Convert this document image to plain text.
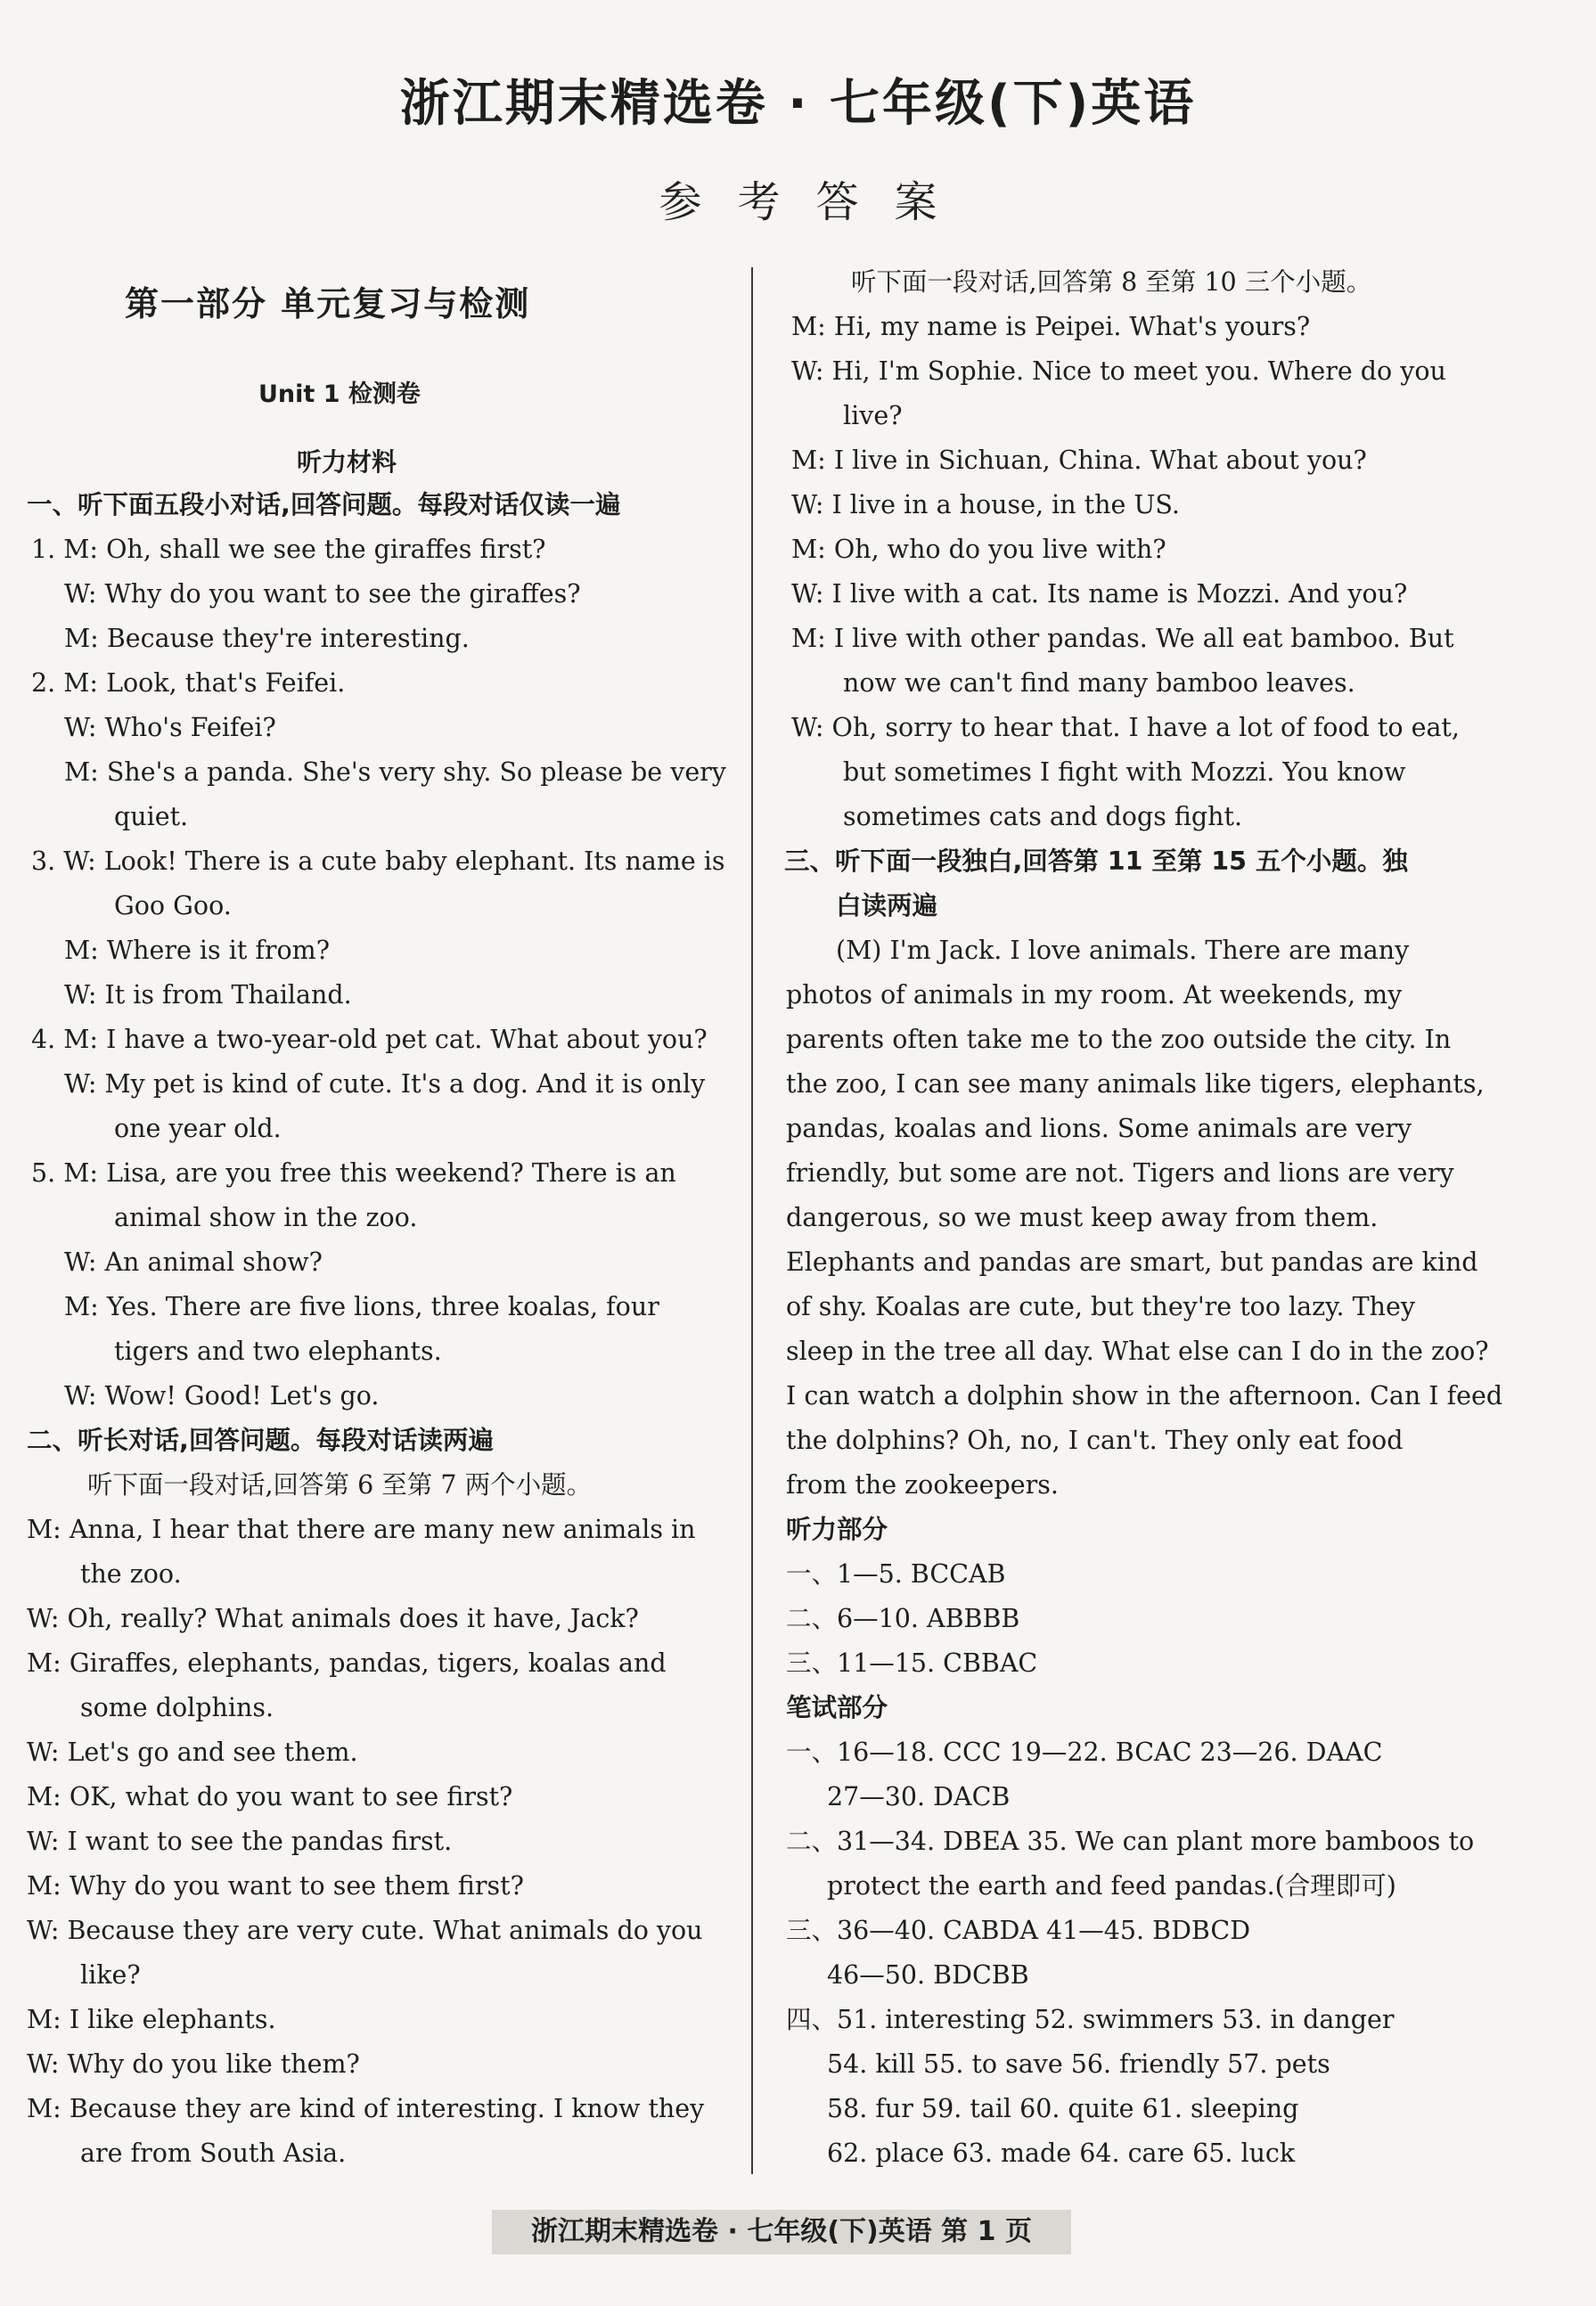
浙江期末精选卷 · 七年级(下)英语
参考答案
第一部分 单元复习与检测
Unit 1 检测卷
听力材料
一、听下面五段小对话,回答问题。每段对话仅读一遍
1. M: Oh, shall we see the giraffes first?
W: Why do you want to see the giraffes?
M: Because they're interesting.
2. M: Look, that's Feifei.
W: Who's Feifei?
M: She's a panda. She's very shy. So please be very
quiet.
3. W: Look! There is a cute baby elephant. Its name is
Goo Goo.
M: Where is it from?
W: It is from Thailand.
4. M: I have a two-year-old pet cat. What about you?
W: My pet is kind of cute. It's a dog. And it is only
one year old.
5. M: Lisa, are you free this weekend? There is an
animal show in the zoo.
W: An animal show?
M: Yes. There are five lions, three koalas, four
tigers and two elephants.
W: Wow! Good! Let's go.
二、听长对话,回答问题。每段对话读两遍
听下面一段对话,回答第 6 至第 7 两个小题。
M: Anna, I hear that there are many new animals in
the zoo.
W: Oh, really? What animals does it have, Jack?
M: Giraffes, elephants, pandas, tigers, koalas and
some dolphins.
W: Let's go and see them.
M: OK, what do you want to see first?
W: I want to see the pandas first.
M: Why do you want to see them first?
W: Because they are very cute. What animals do you
like?
M: I like elephants.
W: Why do you like them?
M: Because they are kind of interesting. I know they
are from South Asia.
听下面一段对话,回答第 8 至第 10 三个小题。
M: Hi, my name is Peipei. What's yours?
W: Hi, I'm Sophie. Nice to meet you. Where do you
live?
M: I live in Sichuan, China. What about you?
W: I live in a house, in the US.
M: Oh, who do you live with?
W: I live with a cat. Its name is Mozzi. And you?
M: I live with other pandas. We all eat bamboo. But
now we can't find many bamboo leaves.
W: Oh, sorry to hear that. I have a lot of food to eat,
but sometimes I fight with Mozzi. You know
sometimes cats and dogs fight.
三、听下面一段独白,回答第 11 至第 15 五个小题。独
白读两遍
(M) I'm Jack. I love animals. There are many
photos of animals in my room. At weekends, my
parents often take me to the zoo outside the city. In
the zoo, I can see many animals like tigers, elephants,
pandas, koalas and lions. Some animals are very
friendly, but some are not. Tigers and lions are very
dangerous, so we must keep away from them.
Elephants and pandas are smart, but pandas are kind
of shy. Koalas are cute, but they're too lazy. They
sleep in the tree all day. What else can I do in the zoo?
I can watch a dolphin show in the afternoon. Can I feed
the dolphins? Oh, no, I can't. They only eat food
from the zookeepers.
听力部分
一、1—5. BCCAB
二、6—10. ABBBB
三、11—15. CBBAC
笔试部分
一、16—18. CCC 19—22. BCAC 23—26. DAAC
27—30. DACB
二、31—34. DBEA 35. We can plant more bamboos to
protect the earth and feed pandas.(合理即可)
三、36—40. CABDA 41—45. BDBCD
46—50. BDCBB
四、51. interesting 52. swimmers 53. in danger
54. kill 55. to save 56. friendly 57. pets
58. fur 59. tail 60. quite 61. sleeping
62. place 63. made 64. care 65. luck
浙江期末精选卷 · 七年级(下)英语 第 1 页
